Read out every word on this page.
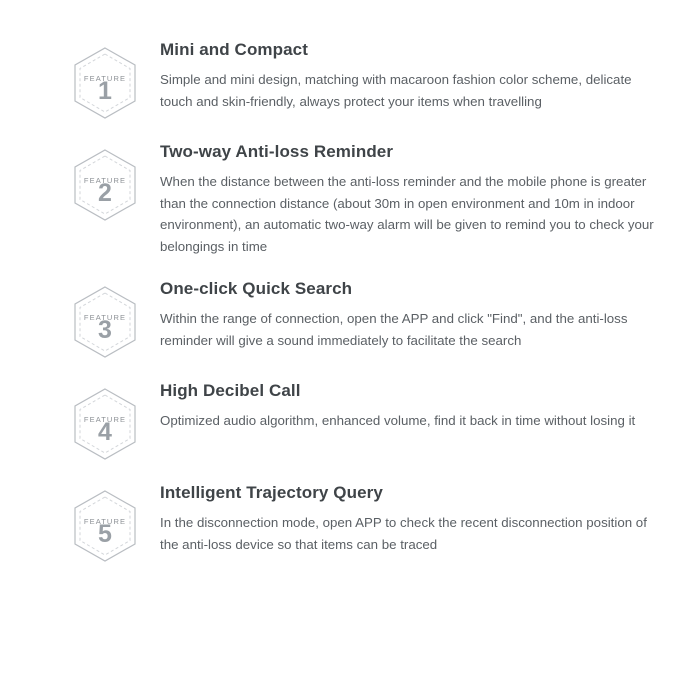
1
FEATURE
Mini and Compact

Simple and mini design, matching with macaroon fashion color scheme, delicate touch and skin-friendly, always protect your items when travelling

2
FEATURE
Two-way Anti-loss Reminder

When the distance between the anti-loss reminder and the mobile phone is greater than the connection distance (about 30m in open environment and 10m in indoor environment), an automatic two-way alarm will be given to remind you to check your belongings in time

3
FEATURE
One-click Quick Search

Within the range of connection, open the APP and click "Find", and the anti-loss reminder will give a sound immediately to facilitate the search

4
FEATURE
High Decibel Call

Optimized audio algorithm, enhanced volume, find it back in time without losing it

5
FEATURE
Intelligent Trajectory Query

In the disconnection mode, open APP to check the recent disconnection position of the anti-loss device so that items can be traced
